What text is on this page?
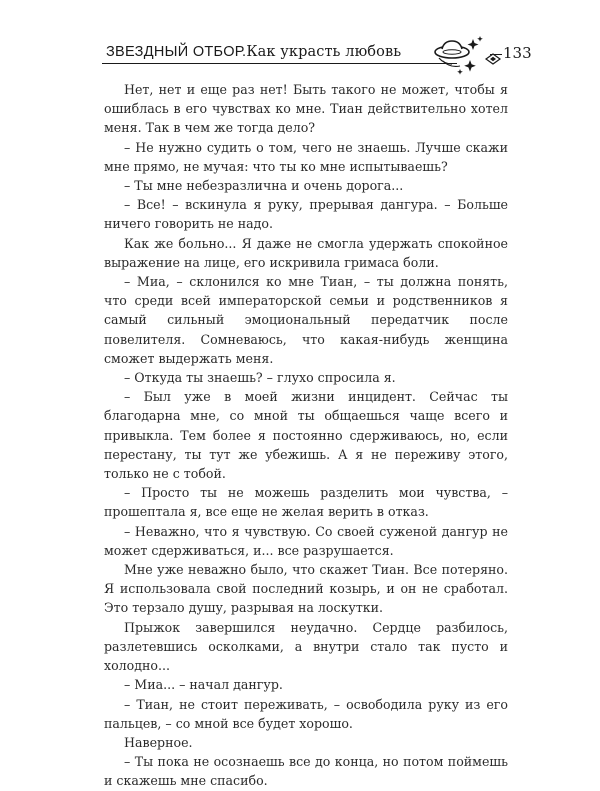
ЗВЕЗДНЫЙ ОТБОР.Как украсть любовь	133

Нет, нет и еще раз нет! Быть такого не может, чтобы я ошиблась в его чувствах ко мне. Тиан действительно хотел меня. Так в чем же тогда дело?

– Не нужно судить о том, чего не знаешь. Лучше скажи мне прямо, не мучая: что ты ко мне испытываешь?

– Ты мне небезразлична и очень дорога...

– Все! – вскинула я руку, прерывая дангура. – Больше ничего говорить не надо.

Как же больно... Я даже не смогла удержать спокойное выражение на лице, его искривила гримаса боли.

– Миа, – склонился ко мне Тиан, – ты должна понять, что среди всей императорской семьи и родственников я самый сильный эмоциональный передатчик после повелителя. Сомневаюсь, что какая-нибудь женщина сможет выдержать меня.

– Откуда ты знаешь? – глухо спросила я.

– Был уже в моей жизни инцидент. Сейчас ты благодарна мне, со мной ты общаешься чаще всего и привыкла. Тем более я постоянно сдерживаюсь, но, если перестану, ты тут же убежишь. А я не переживу этого, только не с тобой.

– Просто ты не можешь разделить мои чувства, – прошептала я, все еще не желая верить в отказ.

– Неважно, что я чувствую. Со своей суженой дангур не может сдерживаться, и... все разрушается.

Мне уже неважно было, что скажет Тиан. Все потеряно. Я использовала свой последний козырь, и он не сработал. Это терзало душу, разрывая на лоскутки.

Прыжок завершился неудачно. Сердце разбилось, разлетевшись осколками, а внутри стало так пусто и холодно...

– Миа... – начал дангур.

– Тиан, не стоит переживать, – освободила руку из его пальцев, – со мной все будет хорошо.

Наверное.

– Ты пока не осознаешь все до конца, но потом поймешь и скажешь мне спасибо.
